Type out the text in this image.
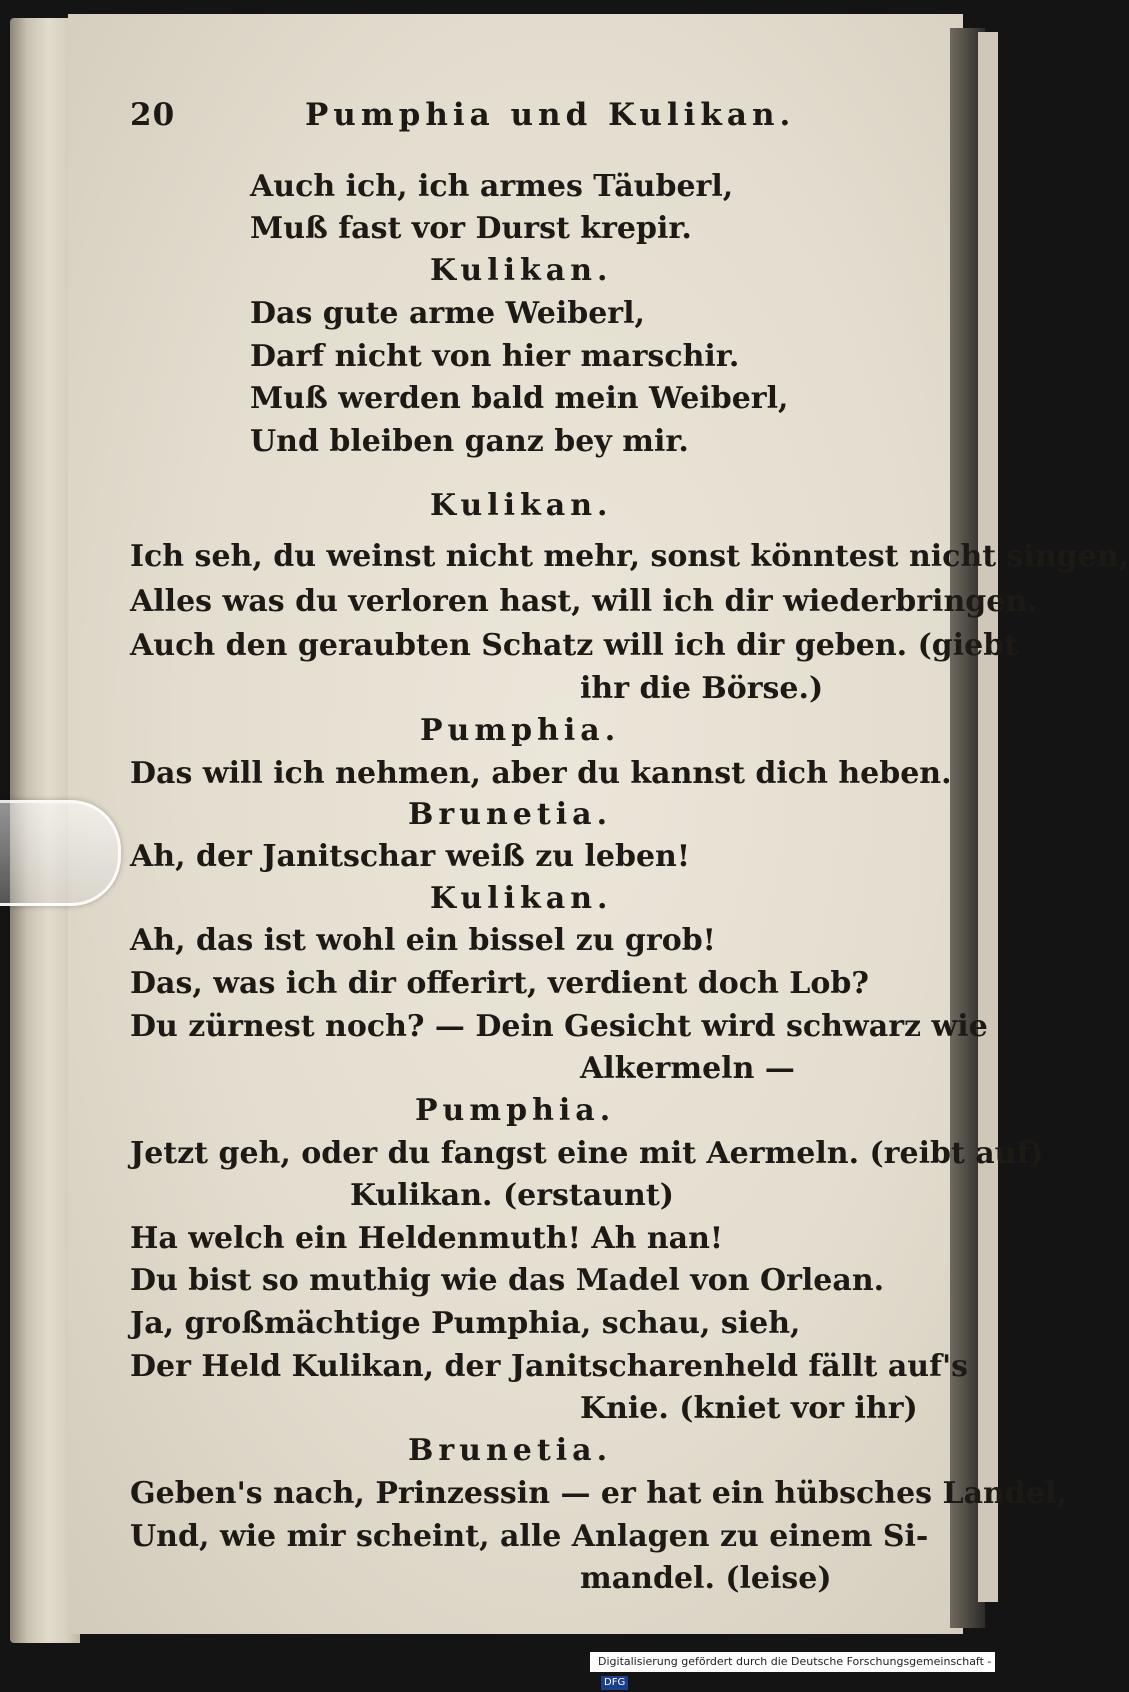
20	Pumphia und Kulikan.
Auch ich, ich armes Täuberl,
Muß fast vor Durst krepir.
Kulikan.
Das gute arme Weiberl,
Darf nicht von hier marschir.
Muß werden bald mein Weiberl,
Und bleiben ganz bey mir.
Kulikan.
Ich seh, du weinst nicht mehr, sonst könntest nicht singen,
Alles was du verloren hast, will ich dir wiederbringen.
Auch den geraubten Schatz will ich dir geben. (giebt
ihr die Börse.)
Pumphia.
Das will ich nehmen, aber du kannst dich heben.
Brunetia.
Ah, der Janitschar weiß zu leben!
Kulikan.
Ah, das ist wohl ein bissel zu grob!
Das, was ich dir offerirt, verdient doch Lob?
Du zürnest noch? — Dein Gesicht wird schwarz wie
Alkermeln —
Pumphia.
Jetzt geh, oder du fangst eine mit Aermeln. (reibt auf)
Kulikan. (erstaunt)
Ha welch ein Heldenmuth! Ah nan!
Du bist so muthig wie das Madel von Orlean.
Ja, großmächtige Pumphia, schau, sieh,
Der Held Kulikan, der Janitscharenheld fällt auf's
Knie. (kniet vor ihr)
Brunetia.
Geben's nach, Prinzessin — er hat ein hübsches Landel,
Und, wie mir scheint, alle Anlagen zu einem Si-
mandel. (leise)
Digitalisierung gefördert durch die Deutsche Forschungsgemeinschaft -DFG
